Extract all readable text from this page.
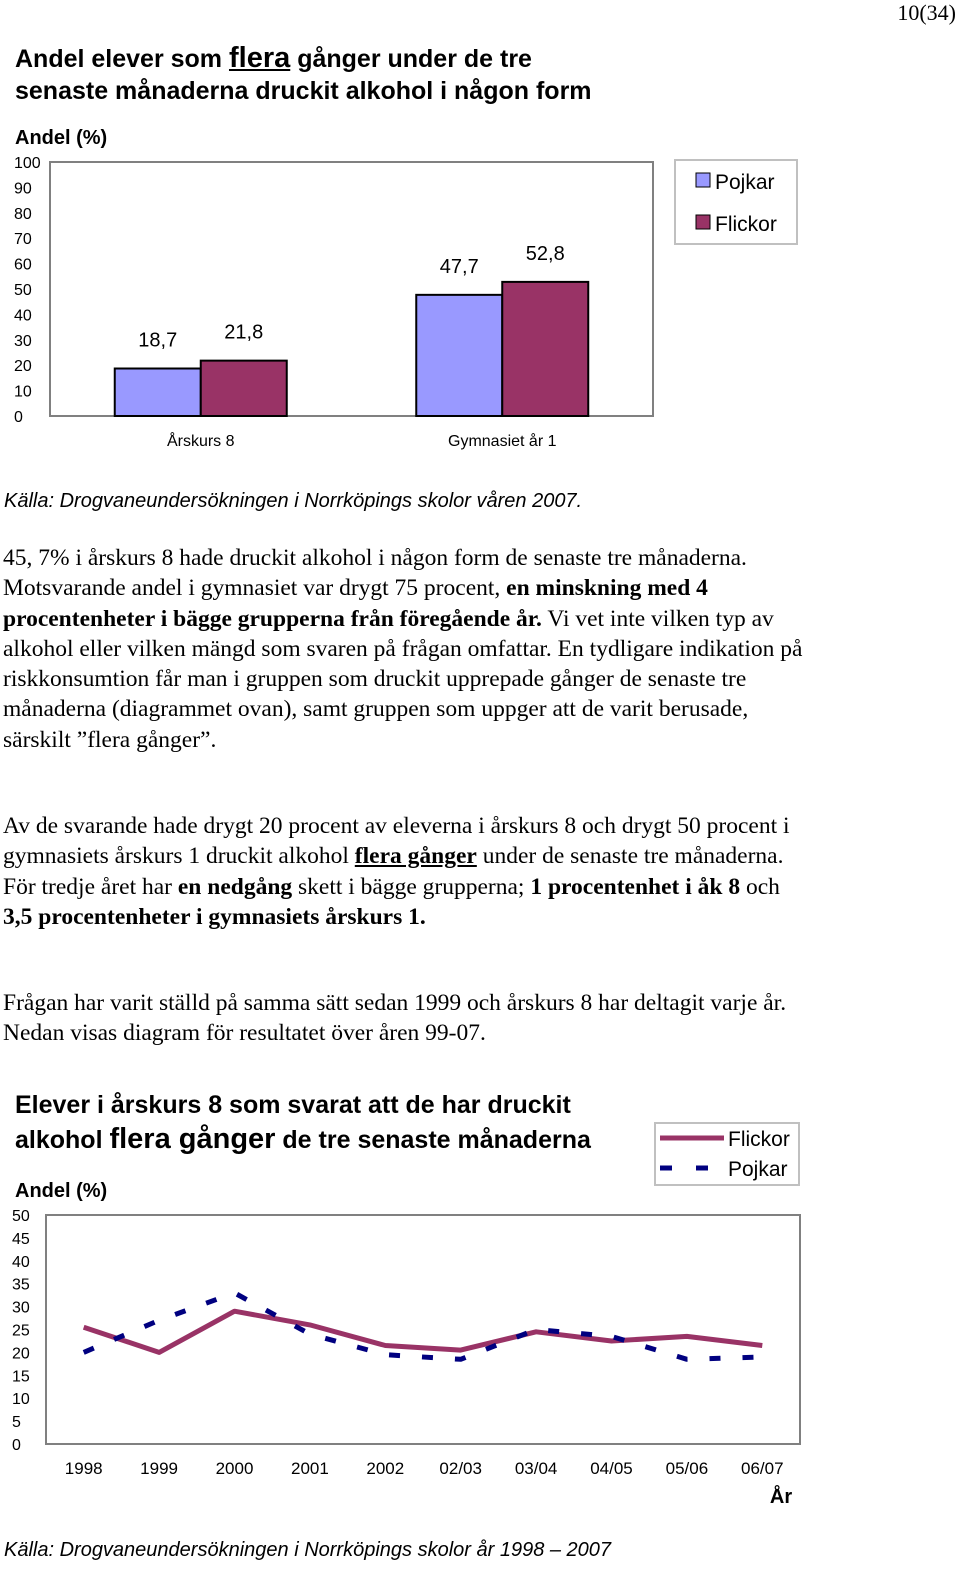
10(34)
Andel elever som flera gånger under de tre
senaste månaderna druckit alkohol i någon form
Andel (%)
0
10
20
30
40
50
60
70
80
90
100
Årskurs 8
18,7 21,8
Gymnasiet år 1
47,7
52,8
Pojkar
Flickor
Källa: Drogvaneundersökningen i Norrköpings skolor våren 2007.

45, 7% i årskurs 8 hade druckit alkohol i någon form de senaste tre månaderna. Motsvarande andel i gymnasiet var drygt 75 procent, en minskning med 4 procentenheter i bägge grupperna från föregående år. Vi vet inte vilken typ av alkohol eller vilken mängd som svaren på frågan omfattar. En tydligare indikation på riskkonsumtion får man i gruppen som druckit upprepade gånger de senaste tre månaderna (diagrammet ovan), samt gruppen som uppger att de varit berusade, särskilt ”flera gånger”.

Av de svarande hade drygt 20 procent av eleverna i årskurs 8 och drygt 50 procent i gymnasiets årskurs 1 druckit alkohol flera gånger under de senaste tre månaderna. För tredje året har en nedgång skett i bägge grupperna; 1 procentenhet i åk 8 och 3,5 procentenheter i gymnasiets årskurs 1.

Frågan har varit ställd på samma sätt sedan 1999 och årskurs 8 har deltagit varje år. Nedan visas diagram för resultatet över åren 99-07.

Elever i årskurs 8 som svarat att de har druckit
alkohol flera gånger de tre senaste månaderna
Andel (%)
0
5
10
15
20
25
30
35
40
45
50
1998 1999 2000 2001 2002 02/03 03/04 04/05 05/06 06/07
År
Flickor
Pojkar
Källa: Drogvaneundersökningen i Norrköpings skolor år 1998 – 2007
